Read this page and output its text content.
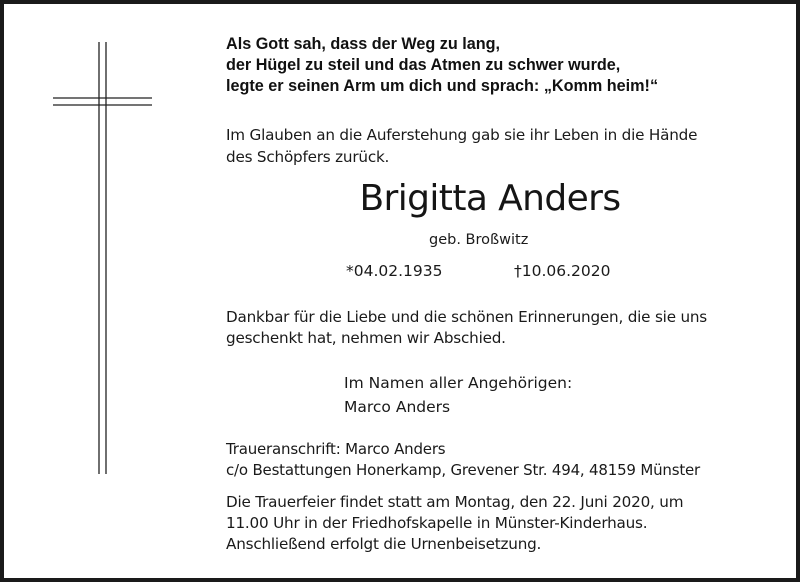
Als Gott sah, dass der Weg zu lang,
der Hügel zu steil und das Atmen zu schwer wurde,
legte er seinen Arm um dich und sprach: „Komm heim!“
Im Glauben an die Auferstehung gab sie ihr Leben in die Hände
des Schöpfers zurück.
Brigitta Anders
geb. Broßwitz
*04.02.1935	†10.06.2020
Dankbar für die Liebe und die schönen Erinnerungen, die sie uns
geschenkt hat, nehmen wir Abschied.
Im Namen aller Angehörigen:
Marco Anders
Traueranschrift: Marco Anders
c/o Bestattungen Honerkamp, Grevener Str. 494, 48159 Münster
Die Trauerfeier findet statt am Montag, den 22. Juni 2020, um
11.00 Uhr in der Friedhofskapelle in Münster-Kinderhaus.
Anschließend erfolgt die Urnenbeisetzung.
